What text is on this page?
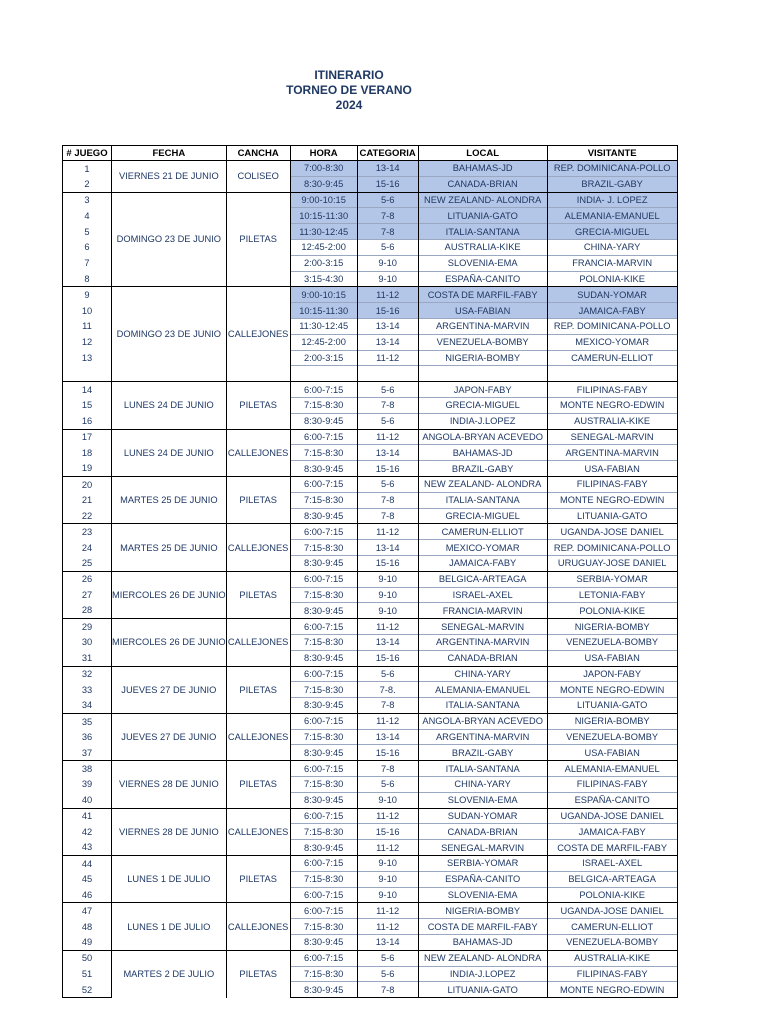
ITINERARIO
TORNEO DE VERANO
2024
# JUEGO	FECHA	CANCHA	HORA	CATEGORIA	LOCAL	VISITANTE
1	VIERNES 21 DE JUNIO	COLISEO	7:00-8:30	13-14	BAHAMAS-JD	REP. DOMINICANA-POLLO
2			8:30-9:45	15-16	CANADA-BRIAN	BRAZIL-GABY
3	DOMINGO 23 DE JUNIO	PILETAS	9:00-10:15	5-6	NEW ZEALAND- ALONDRA	INDIA- J. LOPEZ
4			10:15-11:30	7-8	LITUANIA-GATO	ALEMANIA-EMANUEL
5			11:30-12:45	7-8	ITALIA-SANTANA	GRECIA-MIGUEL
6			12:45-2:00	5-6	AUSTRALIA-KIKE	CHINA-YARY
7			2:00-3:15	9-10	SLOVENIA-EMA	FRANCIA-MARVIN
8			3:15-4:30	9-10	ESPAÑA-CANITO	POLONIA-KIKE
9	DOMINGO 23 DE JUNIO	CALLEJONES	9:00-10:15	11-12	COSTA DE MARFIL-FABY	SUDAN-YOMAR
10			10:15-11:30	15-16	USA-FABIAN	JAMAICA-FABY
11			11:30-12:45	13-14	ARGENTINA-MARVIN	REP. DOMINICANA-POLLO
12			12:45-2:00	13-14	VENEZUELA-BOMBY	MEXICO-YOMAR
13			2:00-3:15	11-12	NIGERIA-BOMBY	CAMERUN-ELLIOT

14	LUNES 24 DE JUNIO	PILETAS	6:00-7:15	5-6	JAPON-FABY	FILIPINAS-FABY
15			7:15-8:30	7-8	GRECIA-MIGUEL	MONTE NEGRO-EDWIN
16			8:30-9:45	5-6	INDIA-J.LOPEZ	AUSTRALIA-KIKE
17	LUNES 24 DE JUNIO	CALLEJONES	6:00-7:15	11-12	ANGOLA-BRYAN ACEVEDO	SENEGAL-MARVIN
18			7:15-8:30	13-14	BAHAMAS-JD	ARGENTINA-MARVIN
19			8:30-9:45	15-16	BRAZIL-GABY	USA-FABIAN
20	MARTES 25 DE JUNIO	PILETAS	6:00-7:15	5-6	NEW ZEALAND- ALONDRA	FILIPINAS-FABY
21			7:15-8:30	7-8	ITALIA-SANTANA	MONTE NEGRO-EDWIN
22			8:30-9:45	7-8	GRECIA-MIGUEL	LITUANIA-GATO
23	MARTES 25 DE JUNIO	CALLEJONES	6:00-7:15	11-12	CAMERUN-ELLIOT	UGANDA-JOSE DANIEL
24			7:15-8:30	13-14	MEXICO-YOMAR	REP. DOMINICANA-POLLO
25			8:30-9:45	15-16	JAMAICA-FABY	URUGUAY-JOSE DANIEL
26	MIERCOLES 26 DE JUNIO	PILETAS	6:00-7:15	9-10	BELGICA-ARTEAGA	SERBIA-YOMAR
27			7:15-8:30	9-10	ISRAEL-AXEL	LETONIA-FABY
28			8:30-9:45	9-10	FRANCIA-MARVIN	POLONIA-KIKE
29	MIERCOLES 26 DE JUNIO	CALLEJONES	6:00-7:15	11-12	SENEGAL-MARVIN	NIGERIA-BOMBY
30			7:15-8:30	13-14	ARGENTINA-MARVIN	VENEZUELA-BOMBY
31			8:30-9:45	15-16	CANADA-BRIAN	USA-FABIAN
32	JUEVES 27 DE JUNIO	PILETAS	6:00-7:15	5-6	CHINA-YARY	JAPON-FABY
33			7:15-8:30	7-8.	ALEMANIA-EMANUEL	MONTE NEGRO-EDWIN
34			8:30-9:45	7-8	ITALIA-SANTANA	LITUANIA-GATO
35	JUEVES 27 DE JUNIO	CALLEJONES	6:00-7:15	11-12	ANGOLA-BRYAN ACEVEDO	NIGERIA-BOMBY
36			7:15-8:30	13-14	ARGENTINA-MARVIN	VENEZUELA-BOMBY
37			8:30-9:45	15-16	BRAZIL-GABY	USA-FABIAN
38	VIERNES 28 DE JUNIO	PILETAS	6:00-7:15	7-8	ITALIA-SANTANA	ALEMANIA-EMANUEL
39			7:15-8:30	5-6	CHINA-YARY	FILIPINAS-FABY
40			8:30-9:45	9-10	SLOVENIA-EMA	ESPAÑA-CANITO
41	VIERNES 28 DE JUNIO	CALLEJONES	6:00-7:15	11-12	SUDAN-YOMAR	UGANDA-JOSE DANIEL
42			7:15-8:30	15-16	CANADA-BRIAN	JAMAICA-FABY
43			8:30-9:45	11-12	SENEGAL-MARVIN	COSTA DE MARFIL-FABY
44	LUNES 1 DE JULIO	PILETAS	6:00-7:15	9-10	SERBIA-YOMAR	ISRAEL-AXEL
45			7:15-8:30	9-10	ESPAÑA-CANITO	BELGICA-ARTEAGA
46			6:00-7:15	9-10	SLOVENIA-EMA	POLONIA-KIKE
47	LUNES 1 DE JULIO	CALLEJONES	6:00-7:15	11-12	NIGERIA-BOMBY	UGANDA-JOSE DANIEL
48			7:15-8:30	11-12	COSTA DE MARFIL-FABY	CAMERUN-ELLIOT
49			8:30-9:45	13-14	BAHAMAS-JD	VENEZUELA-BOMBY
50	MARTES 2 DE JULIO	PILETAS	6:00-7:15	5-6	NEW ZEALAND- ALONDRA	AUSTRALIA-KIKE
51			7:15-8:30	5-6	INDIA-J.LOPEZ	FILIPINAS-FABY
52			8:30-9:45	7-8	LITUANIA-GATO	MONTE NEGRO-EDWIN
